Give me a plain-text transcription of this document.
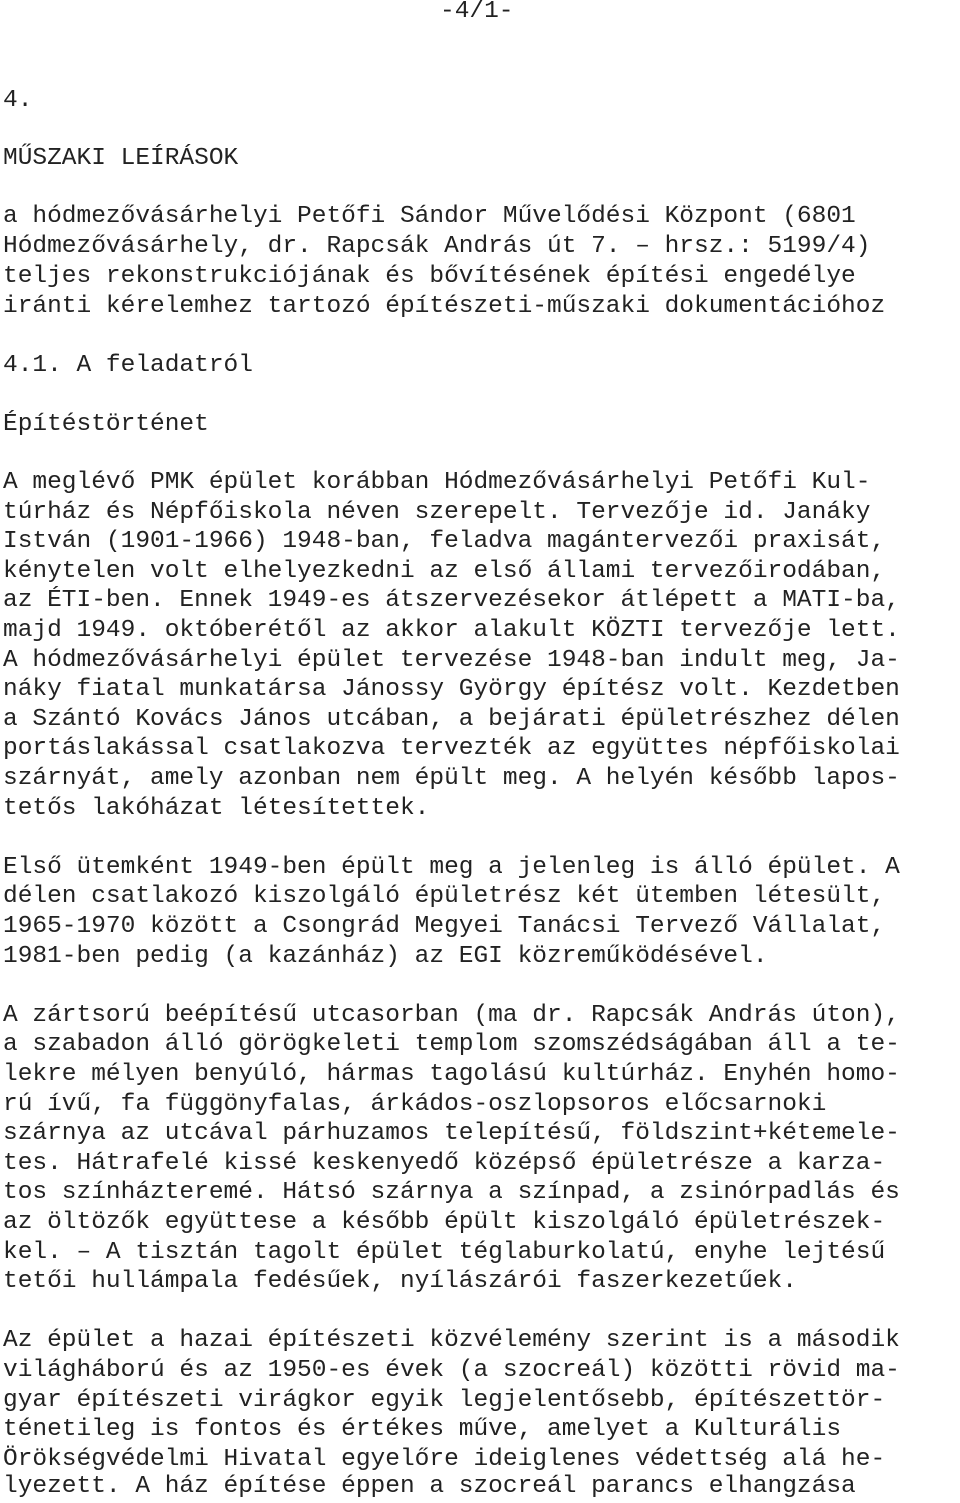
-4/1-
4.
MŰSZAKI LEÍRÁSOK
a hódmezővásárhelyi Petőfi Sándor Művelődési Központ (6801
Hódmezővásárhely, dr. Rapcsák András út 7. – hrsz.: 5199/4)
teljes rekonstrukciójának és bővítésének építési engedélye
iránti kérelemhez tartozó építészeti-műszaki dokumentációhoz
4.1. A feladatról
Építéstörténet
A meglévő PMK épület korábban Hódmezővásárhelyi Petőfi Kul-
túrház és Népfőiskola néven szerepelt. Tervezője id. Janáky
István (1901-1966) 1948-ban, feladva magántervezői praxisát,
kénytelen volt elhelyezkedni az első állami tervezőirodában,
az ÉTI-ben. Ennek 1949-es átszervezésekor átlépett a MATI-ba,
majd 1949. októberétől az akkor alakult KÖZTI tervezője lett.
A hódmezővásárhelyi épület tervezése 1948-ban indult meg, Ja-
náky fiatal munkatársa Jánossy György építész volt. Kezdetben
a Szántó Kovács János utcában, a bejárati épületrészhez délen
portáslakással csatlakozva tervezték az együttes népfőiskolai
szárnyát, amely azonban nem épült meg. A helyén később lapos-
tetős lakóházat létesítettek.
Első ütemként 1949-ben épült meg a jelenleg is álló épület. A
délen csatlakozó kiszolgáló épületrész két ütemben létesült,
1965-1970 között a Csongrád Megyei Tanácsi Tervező Vállalat,
1981-ben pedig (a kazánház) az EGI közreműködésével.
A zártsorú beépítésű utcasorban (ma dr. Rapcsák András úton),
a szabadon álló görögkeleti templom szomszédságában áll a te-
lekre mélyen benyúló, hármas tagolású kultúrház. Enyhén homo-
rú ívű, fa függönyfalas, árkádos-oszlopsoros előcsarnoki
szárnya az utcával párhuzamos telepítésű, földszint+kétemele-
tes. Hátrafelé kissé keskenyedő középső épületrésze a karza-
tos színházteremé. Hátsó szárnya a színpad, a zsinórpadlás és
az öltözők együttese a később épült kiszolgáló épületrészek-
kel. – A tisztán tagolt épület téglaburkolatú, enyhe lejtésű
tetői hullámpala fedésűek, nyílászárói faszerkezetűek.
Az épület a hazai építészeti közvélemény szerint is a második
világháború és az 1950-es évek (a szocreál) közötti rövid ma-
gyar építészeti virágkor egyik legjelentősebb, építészettör-
ténetileg is fontos és értékes műve, amelyet a Kulturális
Örökségvédelmi Hivatal egyelőre ideiglenes védettség alá he-
lyezett. A ház építése éppen a szocreál parancs elhangzása
